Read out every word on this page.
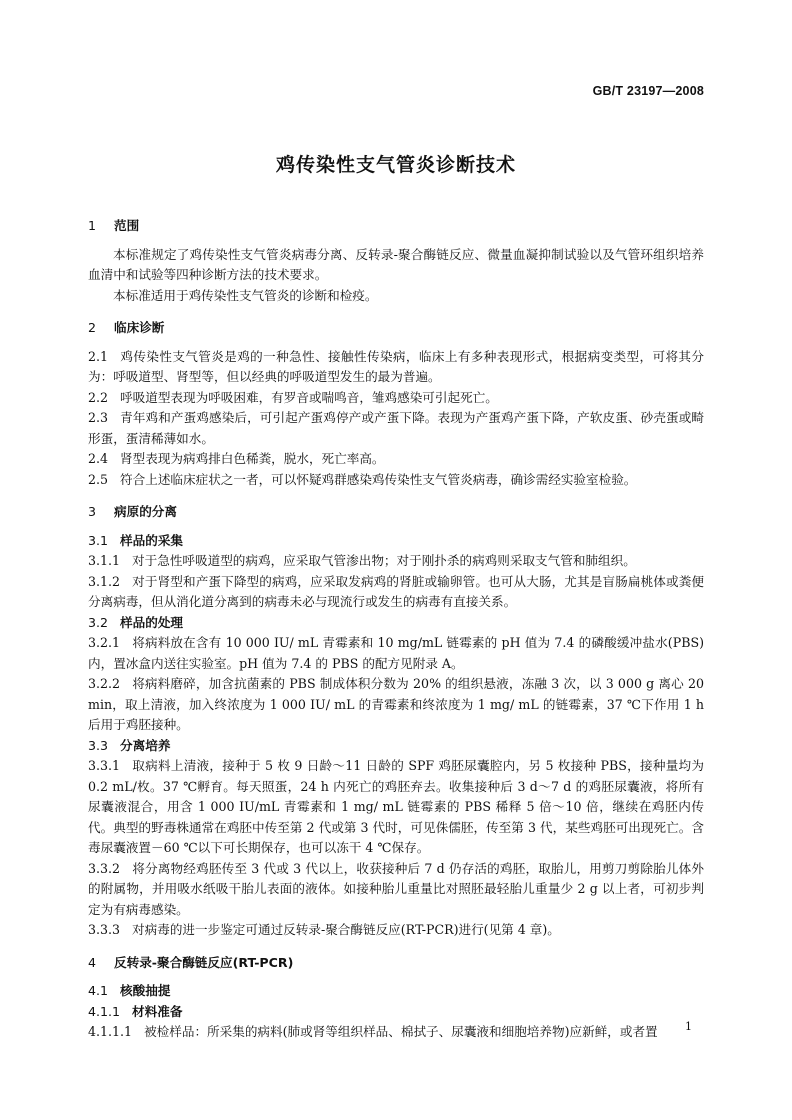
GB/T 23197—2008
鸡传染性支气管炎诊断技术

1 范围

本标准规定了鸡传染性支气管炎病毒分离、反转录-聚合酶链反应、微量血凝抑制试验以及气管环组织培养血清中和试验等四种诊断方法的技术要求。

本标准适用于鸡传染性支气管炎的诊断和检疫。

2 临床诊断

2.1 鸡传染性支气管炎是鸡的一种急性、接触性传染病，临床上有多种表现形式，根据病变类型，可将其分为：呼吸道型、肾型等，但以经典的呼吸道型发生的最为普遍。

2.2 呼吸道型表现为呼吸困难，有罗音或喘鸣音，雏鸡感染可引起死亡。

2.3 青年鸡和产蛋鸡感染后，可引起产蛋鸡停产或产蛋下降。表现为产蛋鸡产蛋下降，产软皮蛋、砂壳蛋或畸形蛋，蛋清稀薄如水。

2.4 肾型表现为病鸡排白色稀粪，脱水，死亡率高。

2.5 符合上述临床症状之一者，可以怀疑鸡群感染鸡传染性支气管炎病毒，确诊需经实验室检验。

3 病原的分离

3.1 样品的采集

3.1.1 对于急性呼吸道型的病鸡，应采取气管渗出物；对于刚扑杀的病鸡则采取支气管和肺组织。

3.1.2 对于肾型和产蛋下降型的病鸡，应采取发病鸡的肾脏或输卵管。也可从大肠，尤其是盲肠扁桃体或粪便分离病毒，但从消化道分离到的病毒未必与现流行或发生的病毒有直接关系。

3.2 样品的处理

3.2.1 将病料放在含有 10 000 IU/ mL 青霉素和 10 mg/mL 链霉素的 pH 值为 7.4 的磷酸缓冲盐水(PBS)内，置冰盒内送往实验室。pH 值为 7.4 的 PBS 的配方见附录 A。

3.2.2 将病料磨碎，加含抗菌素的 PBS 制成体积分数为 20% 的组织悬液，冻融 3 次，以 3 000 g 离心 20 min，取上清液，加入终浓度为 1 000 IU/ mL 的青霉素和终浓度为 1 mg/ mL 的链霉素，37 ℃下作用 1 h 后用于鸡胚接种。

3.3 分离培养

3.3.1 取病料上清液，接种于 5 枚 9 日龄～11 日龄的 SPF 鸡胚尿囊腔内，另 5 枚接种 PBS，接种量均为 0.2 mL/枚。37 ℃孵育。每天照蛋，24 h 内死亡的鸡胚弃去。收集接种后 3 d～7 d 的鸡胚尿囊液，将所有尿囊液混合，用含 1 000 IU/mL 青霉素和 1 mg/ mL 链霉素的 PBS 稀释 5 倍～10 倍，继续在鸡胚内传代。典型的野毒株通常在鸡胚中传至第 2 代或第 3 代时，可见侏儒胚，传至第 3 代，某些鸡胚可出现死亡。含毒尿囊液置－60 ℃以下可长期保存，也可以冻干 4 ℃保存。

3.3.2 将分离物经鸡胚传至 3 代或 3 代以上，收获接种后 7 d 仍存活的鸡胚，取胎儿，用剪刀剪除胎儿体外的附属物，并用吸水纸吸干胎儿表面的液体。如接种胎儿重量比对照胚最轻胎儿重量少 2 g 以上者，可初步判定为有病毒感染。

3.3.3 对病毒的进一步鉴定可通过反转录-聚合酶链反应(RT-PCR)进行(见第 4 章)。

4 反转录-聚合酶链反应(RT-PCR)

4.1 核酸抽提

4.1.1 材料准备

4.1.1.1 被检样品：所采集的病料(肺或肾等组织样品、棉拭子、尿囊液和细胞培养物)应新鲜，或者置	1
